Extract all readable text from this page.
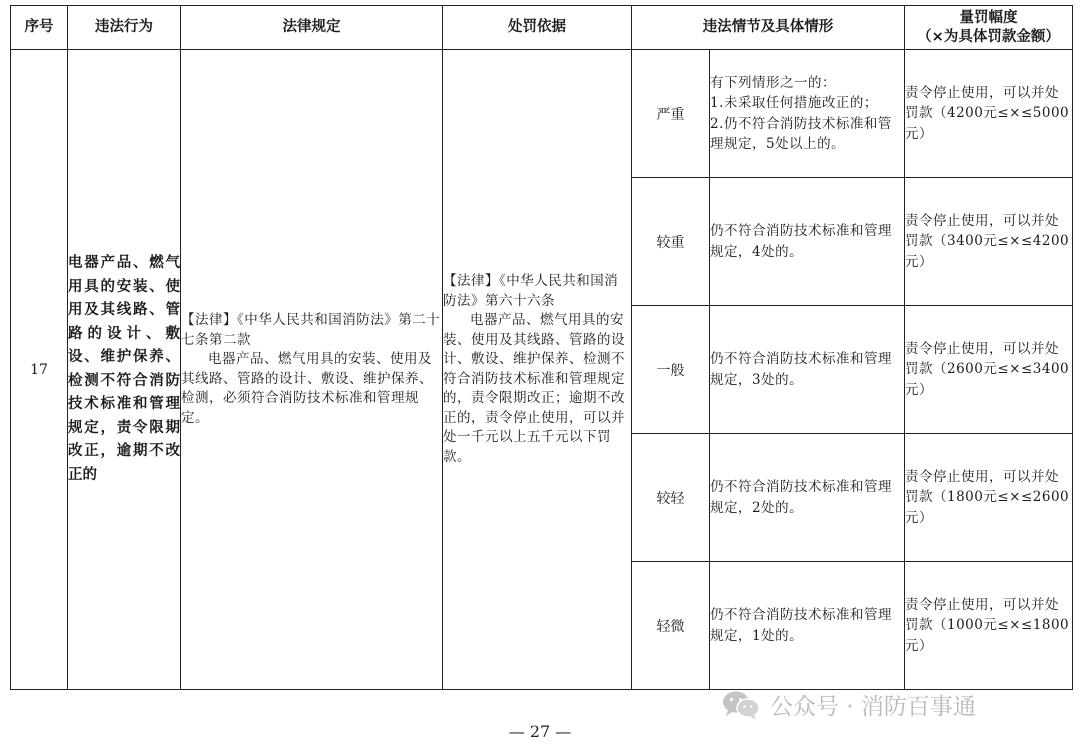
序号	违法行为	法律规定	处罚依据	违法情节及具体情形		量罚幅度
（×为具体罚款金额）

17	电器产品、燃气用具的安装、使用及其线路、管路的设计、敷设、维护保养、检测不符合消防技术标准和管理规定，责令限期改正，逾期不改正的	【法律】《中华人民共和国消防法》第二十七条第二款
电器产品、燃气用具的安装、使用及其线路、管路的设计、敷设、维护保养、检测，必须符合消防技术标准和管理规定。	【法律】《中华人民共和国消防法》第六十六条
电器产品、燃气用具的安装、使用及其线路、管路的设计、敷设、维护保养、检测不符合消防技术标准和管理规定的，责令限期改正；逾期不改正的，责令停止使用，可以并处一千元以上五千元以下罚款。	严重	有下列情形之一的：
1.未采取任何措施改正的；
2.仍不符合消防技术标准和管理规定，5处以上的。	责令停止使用，可以并处罚款（4200元≤×≤5000元）
				较重	仍不符合消防技术标准和管理规定，4处的。	责令停止使用，可以并处罚款（3400元≤×≤4200元）
				一般	仍不符合消防技术标准和管理规定，3处的。	责令停止使用，可以并处罚款（2600元≤×≤3400元）
				较轻	仍不符合消防技术标准和管理规定，2处的。	责令停止使用，可以并处罚款（1800元≤×≤2600元）
				轻微	仍不符合消防技术标准和管理规定，1处的。	责令停止使用，可以并处罚款（1000元≤×≤1800元）
公众号 · 消防百事通
— 27 —
